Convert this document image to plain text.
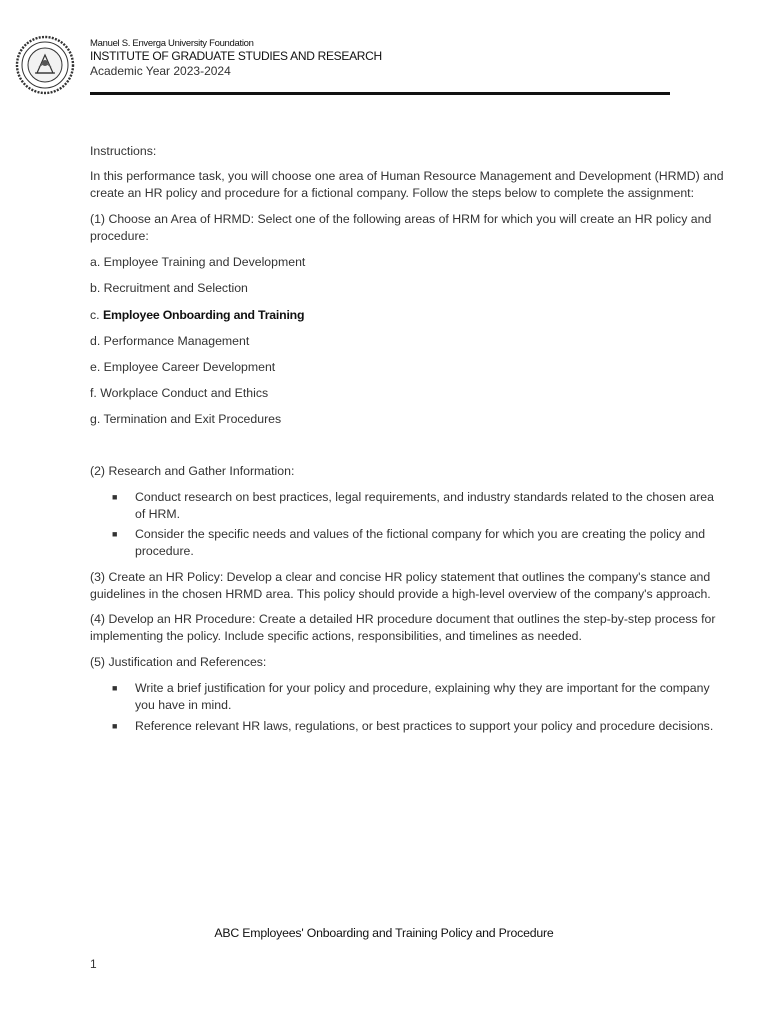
Manuel S. Enverga University Foundation
INSTITUTE OF GRADUATE STUDIES AND RESEARCH
Academic Year 2023-2024
Instructions:
In this performance task, you will choose one area of Human Resource Management and Development (HRMD) and
create an HR policy and procedure for a fictional company. Follow the steps below to complete the assignment:
(1) Choose an Area of HRMD: Select one of the following areas of HRM for which you will create an HR policy and
procedure:
a. Employee Training and Development
b. Recruitment and Selection
c. Employee Onboarding and Training
d. Performance Management
e. Employee Career Development
f. Workplace Conduct and Ethics
g. Termination and Exit Procedures
(2) Research and Gather Information:
■ Conduct research on best practices, legal requirements, and industry standards related to the chosen area
of HRM.
■ Consider the specific needs and values of the fictional company for which you are creating the policy and
procedure.
(3) Create an HR Policy: Develop a clear and concise HR policy statement that outlines the company's stance and
guidelines in the chosen HRMD area. This policy should provide a high-level overview of the company's approach.
(4) Develop an HR Procedure: Create a detailed HR procedure document that outlines the step-by-step process for
implementing the policy. Include specific actions, responsibilities, and timelines as needed.
(5) Justification and References:
■ Write a brief justification for your policy and procedure, explaining why they are important for the company
you have in mind.
■ Reference relevant HR laws, regulations, or best practices to support your policy and procedure decisions.
ABC Employees' Onboarding and Training Policy and Procedure
1
